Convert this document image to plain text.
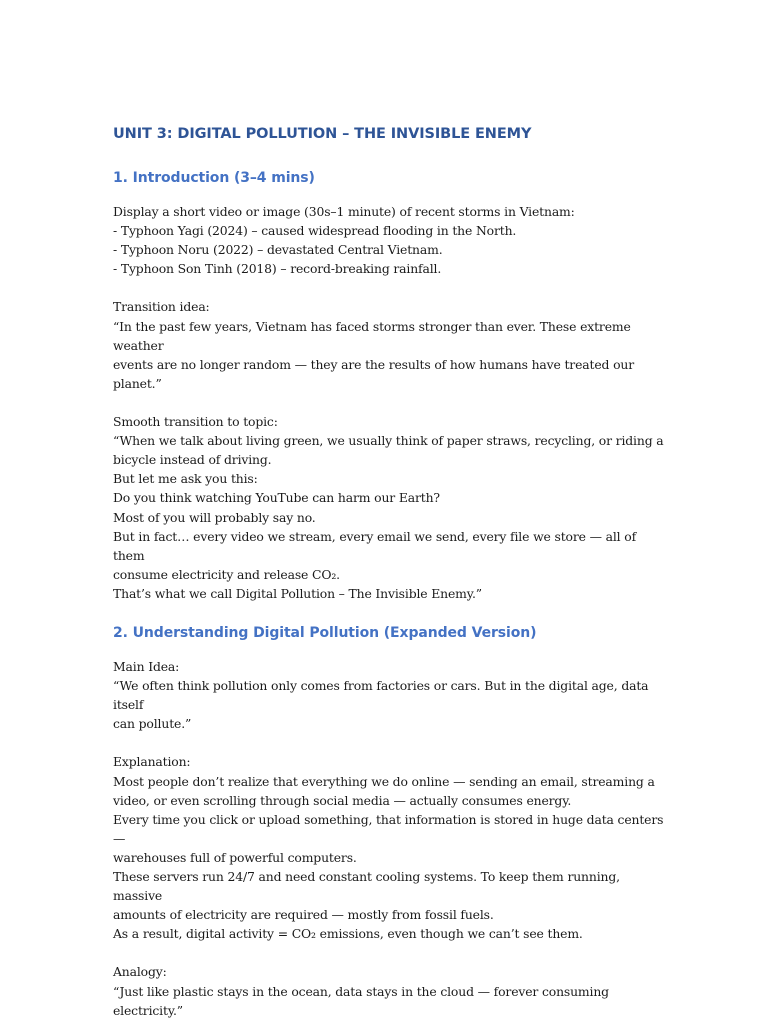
UNIT 3: DIGITAL POLLUTION – THE INVISIBLE ENEMY
1. Introduction (3–4 mins)
Display a short video or image (30s–1 minute) of recent storms in Vietnam:
- Typhoon Yagi (2024) – caused widespread flooding in the North.
- Typhoon Noru (2022) – devastated Central Vietnam.
- Typhoon Son Tinh (2018) – record-breaking rainfall.
Transition idea:
“In the past few years, Vietnam has faced storms stronger than ever. These extreme weather
events are no longer random — they are the results of how humans have treated our
planet.”
Smooth transition to topic:
“When we talk about living green, we usually think of paper straws, recycling, or riding a
bicycle instead of driving.
But let me ask you this:
Do you think watching YouTube can harm our Earth?
Most of you will probably say no.
But in fact… every video we stream, every email we send, every file we store — all of them
consume electricity and release CO₂.
That’s what we call Digital Pollution – The Invisible Enemy.”
2. Understanding Digital Pollution (Expanded Version)
Main Idea:
“We often think pollution only comes from factories or cars. But in the digital age, data itself
can pollute.”
Explanation:
Most people don’t realize that everything we do online — sending an email, streaming a
video, or even scrolling through social media — actually consumes energy.
Every time you click or upload something, that information is stored in huge data centers —
warehouses full of powerful computers.
These servers run 24/7 and need constant cooling systems. To keep them running, massive
amounts of electricity are required — mostly from fossil fuels.
As a result, digital activity = CO₂ emissions, even though we can’t see them.
Analogy:
“Just like plastic stays in the ocean, data stays in the cloud — forever consuming electricity.”
